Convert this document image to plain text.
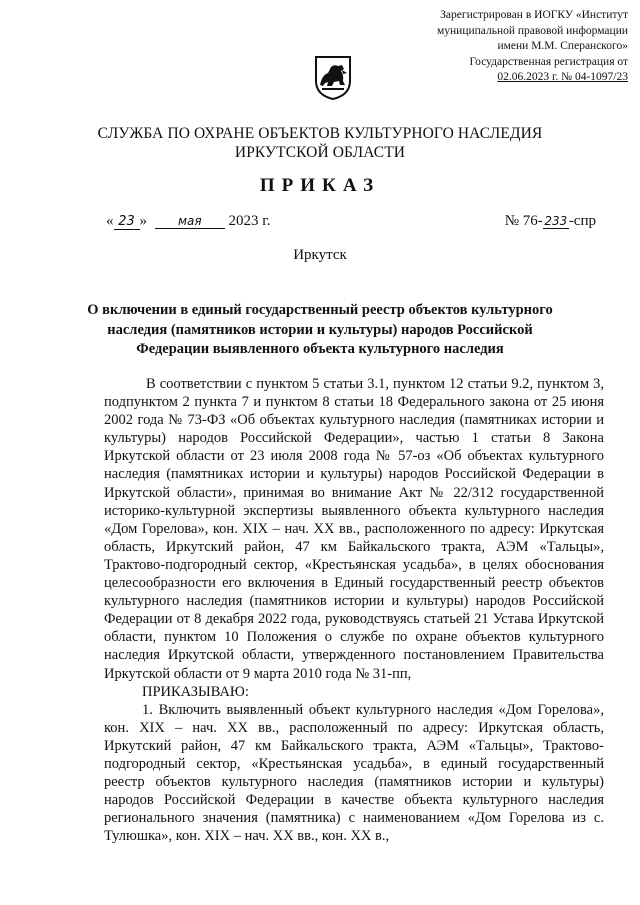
Зарегистрирован в ИОГКУ «Институт
муниципальной правовой информации
имени М.М. Сперанского»
Государственная регистрация от
02.06.2023 г. № 04-1097/23
СЛУЖБА ПО ОХРАНЕ ОБЪЕКТОВ КУЛЬТУРНОГО НАСЛЕДИЯ
ИРКУТСКОЙ ОБЛАСТИ
ПРИКАЗ
« 23 »	мая 2023 г.	№ 76- 233 -спр
Иркутск
О включении в единый государственный реестр объектов культурного наследия (памятников истории и культуры) народов Российской Федерации выявленного объекта культурного наследия

В соответствии с пунктом 5 статьи 3.1, пунктом 12 статьи 9.2, пунктом 3, подпунктом 2 пункта 7 и пунктом 8 статьи 18 Федерального закона от 25 июня 2002 года № 73-ФЗ «Об объектах культурного наследия (памятниках истории и культуры) народов Российской Федерации», частью 1 статьи 8 Закона Иркутской области от 23 июля 2008 года № 57-оз «Об объектах культурного наследия (памятниках истории и культуры) народов Российской Федерации в Иркутской области», принимая во внимание Акт № 22/312 государственной историко-культурной экспертизы выявленного объекта культурного наследия «Дом Горелова», кон. XIX – нач. XX вв., расположенного по адресу: Иркутская область, Иркутский район, 47 км Байкальского тракта, АЭМ «Тальцы», Трактово-подгородный сектор, «Крестьянская усадьба», в целях обоснования целесообразности его включения в Единый государственный реестр объектов культурного наследия (памятников истории и культуры) народов Российской Федерации от 8 декабря 2022 года, руководствуясь статьей 21 Устава Иркутской области, пунктом 10 Положения о службе по охране объектов культурного наследия Иркутской области, утвержденного постановлением Правительства Иркутской области от 9 марта 2010 года № 31-пп,

ПРИКАЗЫВАЮ:

1. Включить выявленный объект культурного наследия «Дом Горелова», кон. XIX – нач. XX вв., расположенный по адресу: Иркутская область, Иркутский район, 47 км Байкальского тракта, АЭМ «Тальцы», Трактово-подгородный сектор, «Крестьянская усадьба», в единый государственный реестр объектов культурного наследия (памятников истории и культуры) народов Российской Федерации в качестве объекта культурного наследия регионального значения (памятника) с наименованием «Дом Горелова из с. Тулюшка», кон. XIX – нач. XX вв., кон. XX в.,
